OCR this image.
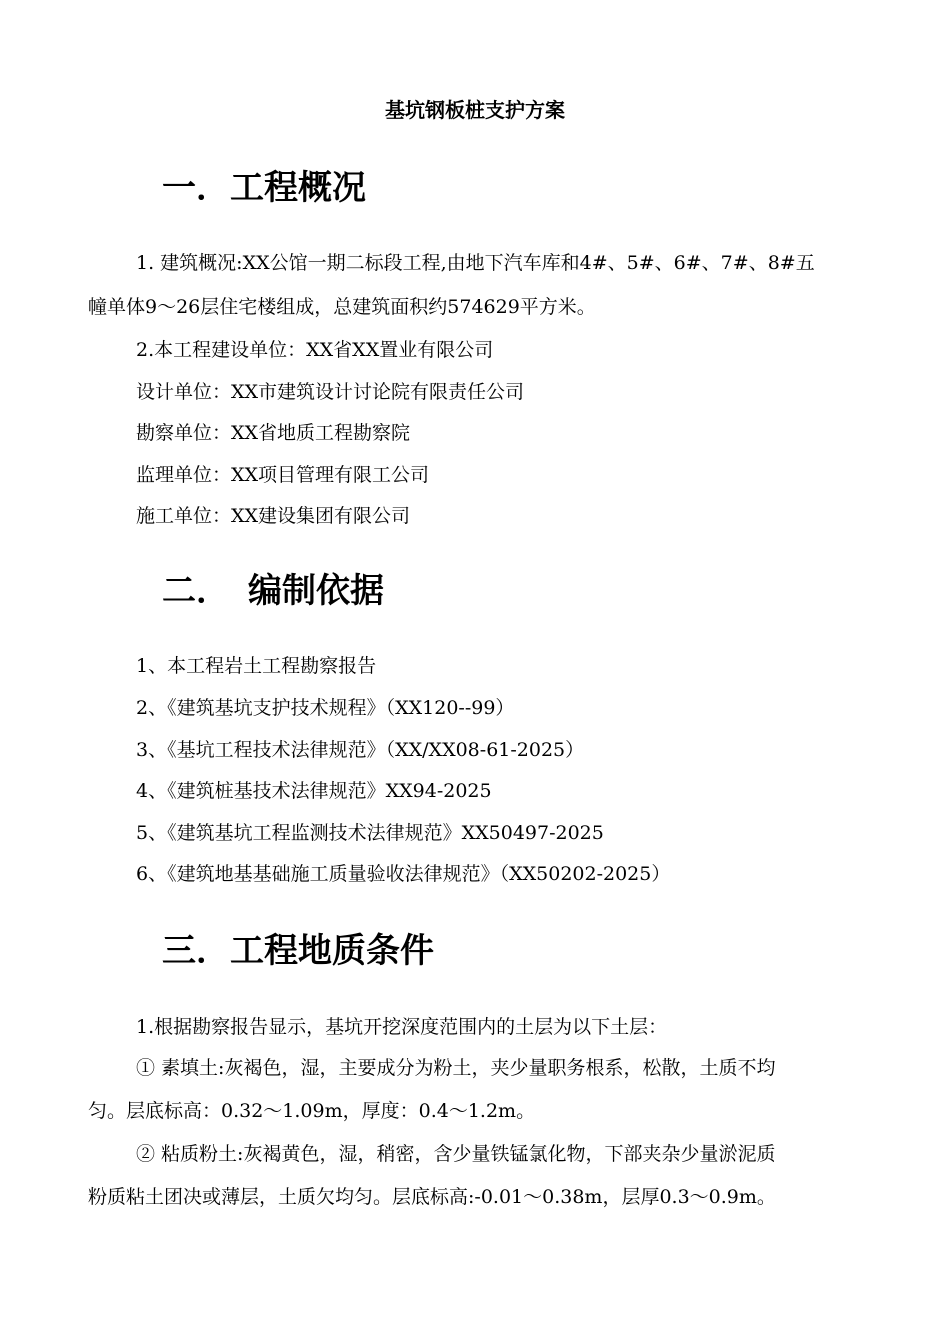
基坑钢板桩支护方案
一．工程概况
1. 建筑概况:XX公馆一期二标段工程,由地下汽车库和4#、5#、6#、7#、8#五
幢单体9～26层住宅楼组成，总建筑面积约574629平方米。
2.本工程建设单位：XX省XX置业有限公司
设计单位：XX市建筑设计讨论院有限责任公司
勘察单位：XX省地质工程勘察院
监理单位：XX项目管理有限工公司
施工单位：XX建设集团有限公司
二． 编制依据
1、本工程岩土工程勘察报告
2、《建筑基坑支护技术规程》（XX120--99）
3、《基坑工程技术法律规范》（XX/XX08-61-2025）
4、《建筑桩基技术法律规范》XX94-2025
5、《建筑基坑工程监测技术法律规范》XX50497-2025
6、《建筑地基基础施工质量验收法律规范》（XX50202-2025）
三．工程地质条件
1.根据勘察报告显示，基坑开挖深度范围内的土层为以下土层：
① 素填土:灰褐色，湿，主要成分为粉土，夹少量职务根系，松散，土质不均
匀。层底标高：0.32～1.09m，厚度：0.4～1.2m。
② 粘质粉土:灰褐黄色，湿，稍密，含少量铁锰氯化物，下部夹杂少量淤泥质
粉质粘土团决或薄层，土质欠均匀。层底标高:-0.01～0.38m，层厚0.3～0.9m。
